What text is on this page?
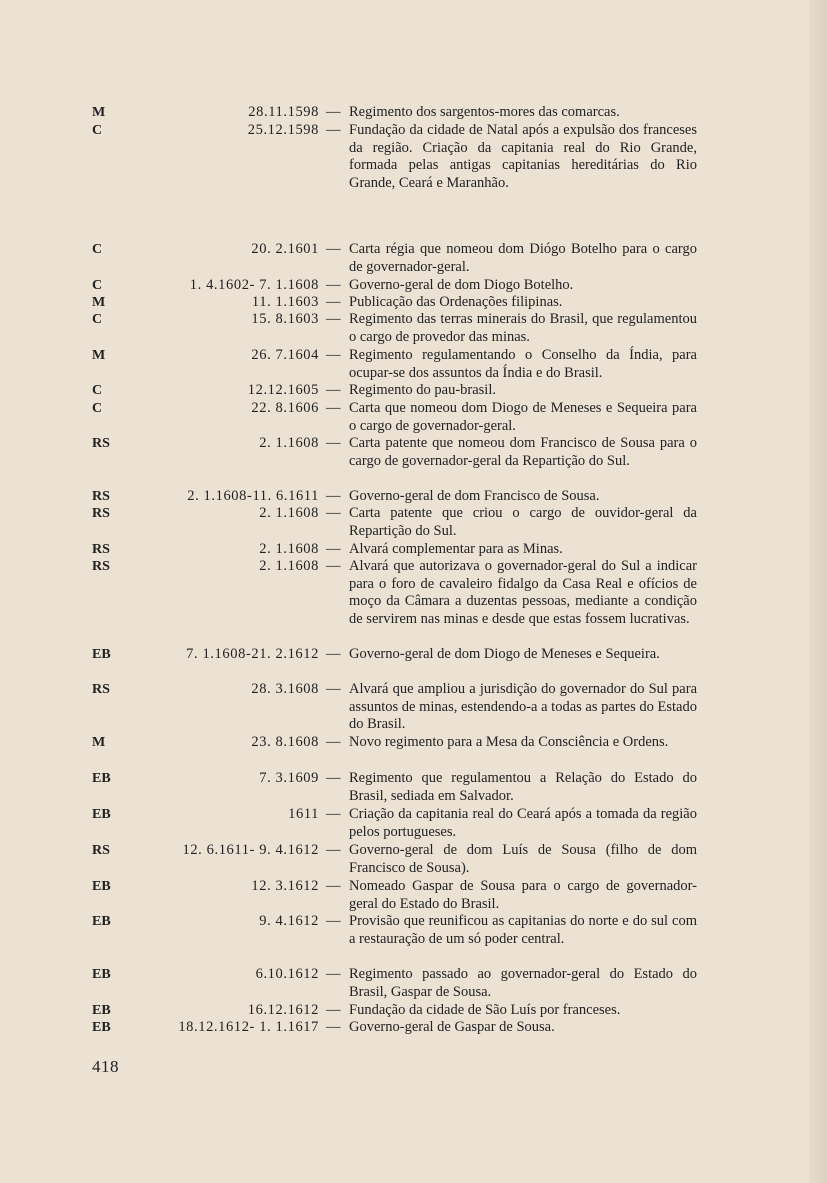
M	28.11.1598 — Regimento dos sargentos-mores das comarcas.
C	25.12.1598 — Fundação da cidade de Natal após a expulsão dos franceses da região. Criação da capitania real do Rio Grande, formada pelas antigas capitanias hereditárias do Rio Grande, Ceará e Maranhão.
C	20. 2.1601 — Carta régia que nomeou dom Diógo Botelho para o cargo de governador-geral.
C	1. 4.1602- 7. 1.1608 — Governo-geral de dom Diogo Botelho.
M	11. 1.1603 — Publicação das Ordenações filipinas.
C	15. 8.1603 — Regimento das terras minerais do Brasil, que regulamentou o cargo de provedor das minas.
M	26. 7.1604 — Regimento regulamentando o Conselho da Índia, para ocupar-se dos assuntos da Índia e do Brasil.
C	12.12.1605 — Regimento do pau-brasil.
C	22. 8.1606 — Carta que nomeou dom Diogo de Meneses e Sequeira para o cargo de governador-geral.
RS	2. 1.1608 — Carta patente que nomeou dom Francisco de Sousa para o cargo de governador-geral da Repartição do Sul.
RS	2. 1.1608-11. 6.1611 — Governo-geral de dom Francisco de Sousa.
RS	2. 1.1608 — Carta patente que criou o cargo de ouvidor-geral da Repartição do Sul.
RS	2. 1.1608 — Alvará complementar para as Minas.
RS	2. 1.1608 — Alvará que autorizava o governador-geral do Sul a indicar para o foro de cavaleiro fidalgo da Casa Real e ofícios de moço da Câmara a duzentas pessoas, mediante a condição de servirem nas minas e desde que estas fossem lucrativas.
EB	7. 1.1608-21. 2.1612 — Governo-geral de dom Diogo de Meneses e Sequeira.
RS	28. 3.1608 — Alvará que ampliou a jurisdição do governador do Sul para assuntos de minas, estendendo-a a todas as partes do Estado do Brasil.
M	23. 8.1608 — Novo regimento para a Mesa da Consciência e Ordens.
EB	7. 3.1609 — Regimento que regulamentou a Relação do Estado do Brasil, sediada em Salvador.
EB	1611 — Criação da capitania real do Ceará após a tomada da região pelos portugueses.
RS	12. 6.1611- 9. 4.1612 — Governo-geral de dom Luís de Sousa (filho de dom Francisco de Sousa).
EB	12. 3.1612 — Nomeado Gaspar de Sousa para o cargo de governador-geral do Estado do Brasil.
EB	9. 4.1612 — Provisão que reunificou as capitanias do norte e do sul com a restauração de um só poder central.
EB	6.10.1612 — Regimento passado ao governador-geral do Estado do Brasil, Gaspar de Sousa.
EB	16.12.1612 — Fundação da cidade de São Luís por franceses.
EB	18.12.1612- 1. 1.1617 — Governo-geral de Gaspar de Sousa.
418
